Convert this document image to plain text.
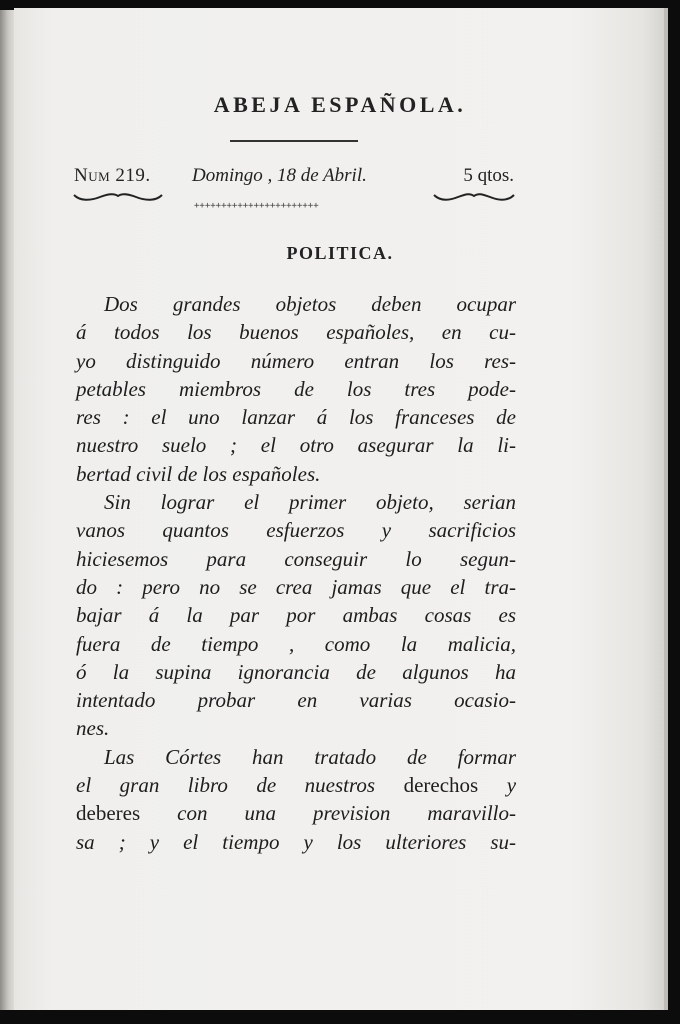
ABEJA ESPAÑOLA.
Num 219. Domingo , 18 de Abril.	5 qtos.
+++++++++++++++++++++++
POLITICA.
Dos grandes objetos deben ocupar
á todos los buenos españoles, en cu-
yo distinguido número entran los res-
petables miembros de los tres pode-
res : el uno lanzar á los franceses de
nuestro suelo ; el otro asegurar la li-
bertad civil de los españoles.
Sin lograr el primer objeto, serian
vanos quantos esfuerzos y sacrificios
hiciesemos para conseguir lo segun-
do : pero no se crea jamas que el tra-
bajar á la par por ambas cosas es
fuera de tiempo , como la malicia,
ó la supina ignorancia de algunos ha
intentado probar en varias ocasio-
nes.
Las Córtes han tratado de formar
el gran libro de nuestros derechos y
deberes con una prevision maravillo-
sa ; y el tiempo y los ulteriores su-
